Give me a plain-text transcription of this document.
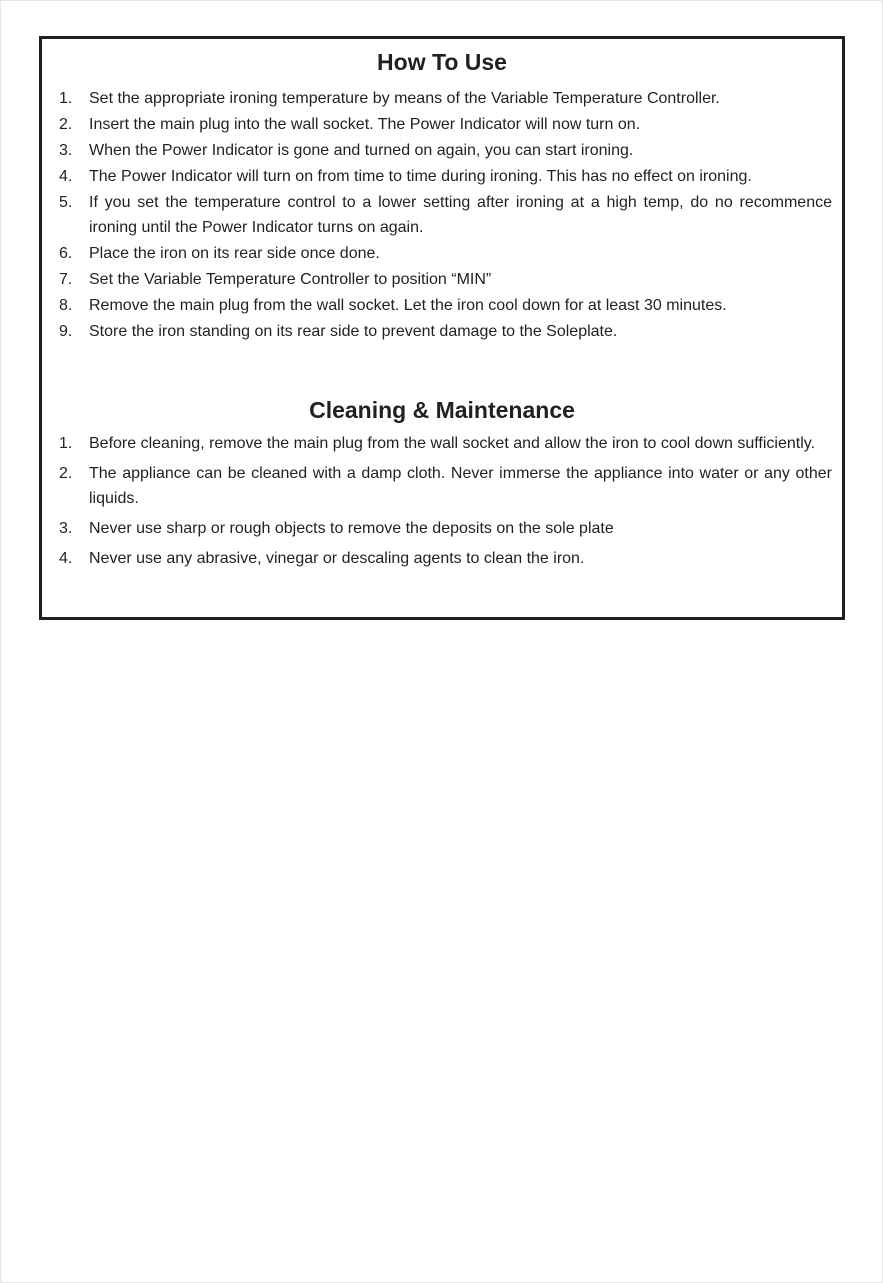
How To Use
1. Set the appropriate ironing temperature by means of the Variable Temperature Controller.
2. Insert the main plug into the wall socket. The Power Indicator will now turn on.
3. When the Power Indicator is gone and turned on again, you can start ironing.
4. The Power Indicator will turn on from time to time during ironing. This has no effect on ironing.
5. If you set the temperature control to a lower setting after ironing at a high temp, do no recommence ironing until the Power Indicator turns on again.
6. Place the iron on its rear side once done.
7. Set the Variable Temperature Controller to position “MIN”
8. Remove the main plug from the wall socket. Let the iron cool down for at least 30 minutes.
9. Store the iron standing on its rear side to prevent damage to the Soleplate.
Cleaning & Maintenance
1. Before cleaning, remove the main plug from the wall socket and allow the iron to cool down sufficiently.
2. The appliance can be cleaned with a damp cloth. Never immerse the appliance into water or any other liquids.
3. Never use sharp or rough objects to remove the deposits on the sole plate
4. Never use any abrasive, vinegar or descaling agents to clean the iron.
